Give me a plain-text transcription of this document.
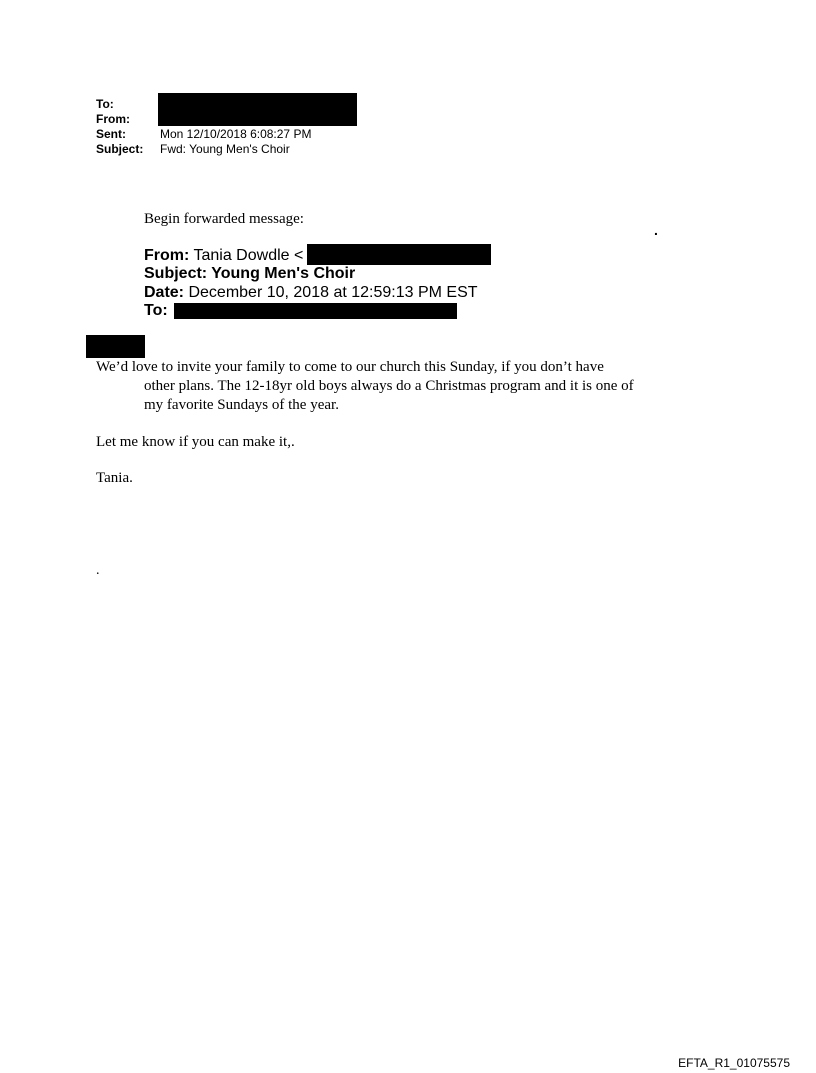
To:
From:
Sent:	Mon 12/10/2018 6:08:27 PM
Subject: Fwd: Young Men's Choir
Begin forwarded message:
.
From: Tania Dowdle <
Subject: Young Men's Choir
Date: December 10, 2018 at 12:59:13 PM EST
To:
We’d love to invite your family to come to our church this Sunday, if you don’t have
other plans. The 12-18yr old boys always do a Christmas program and it is one of
my favorite Sundays of the year.
Let me know if you can make it,.
Tania.
.
EFTA_R1_01075575
